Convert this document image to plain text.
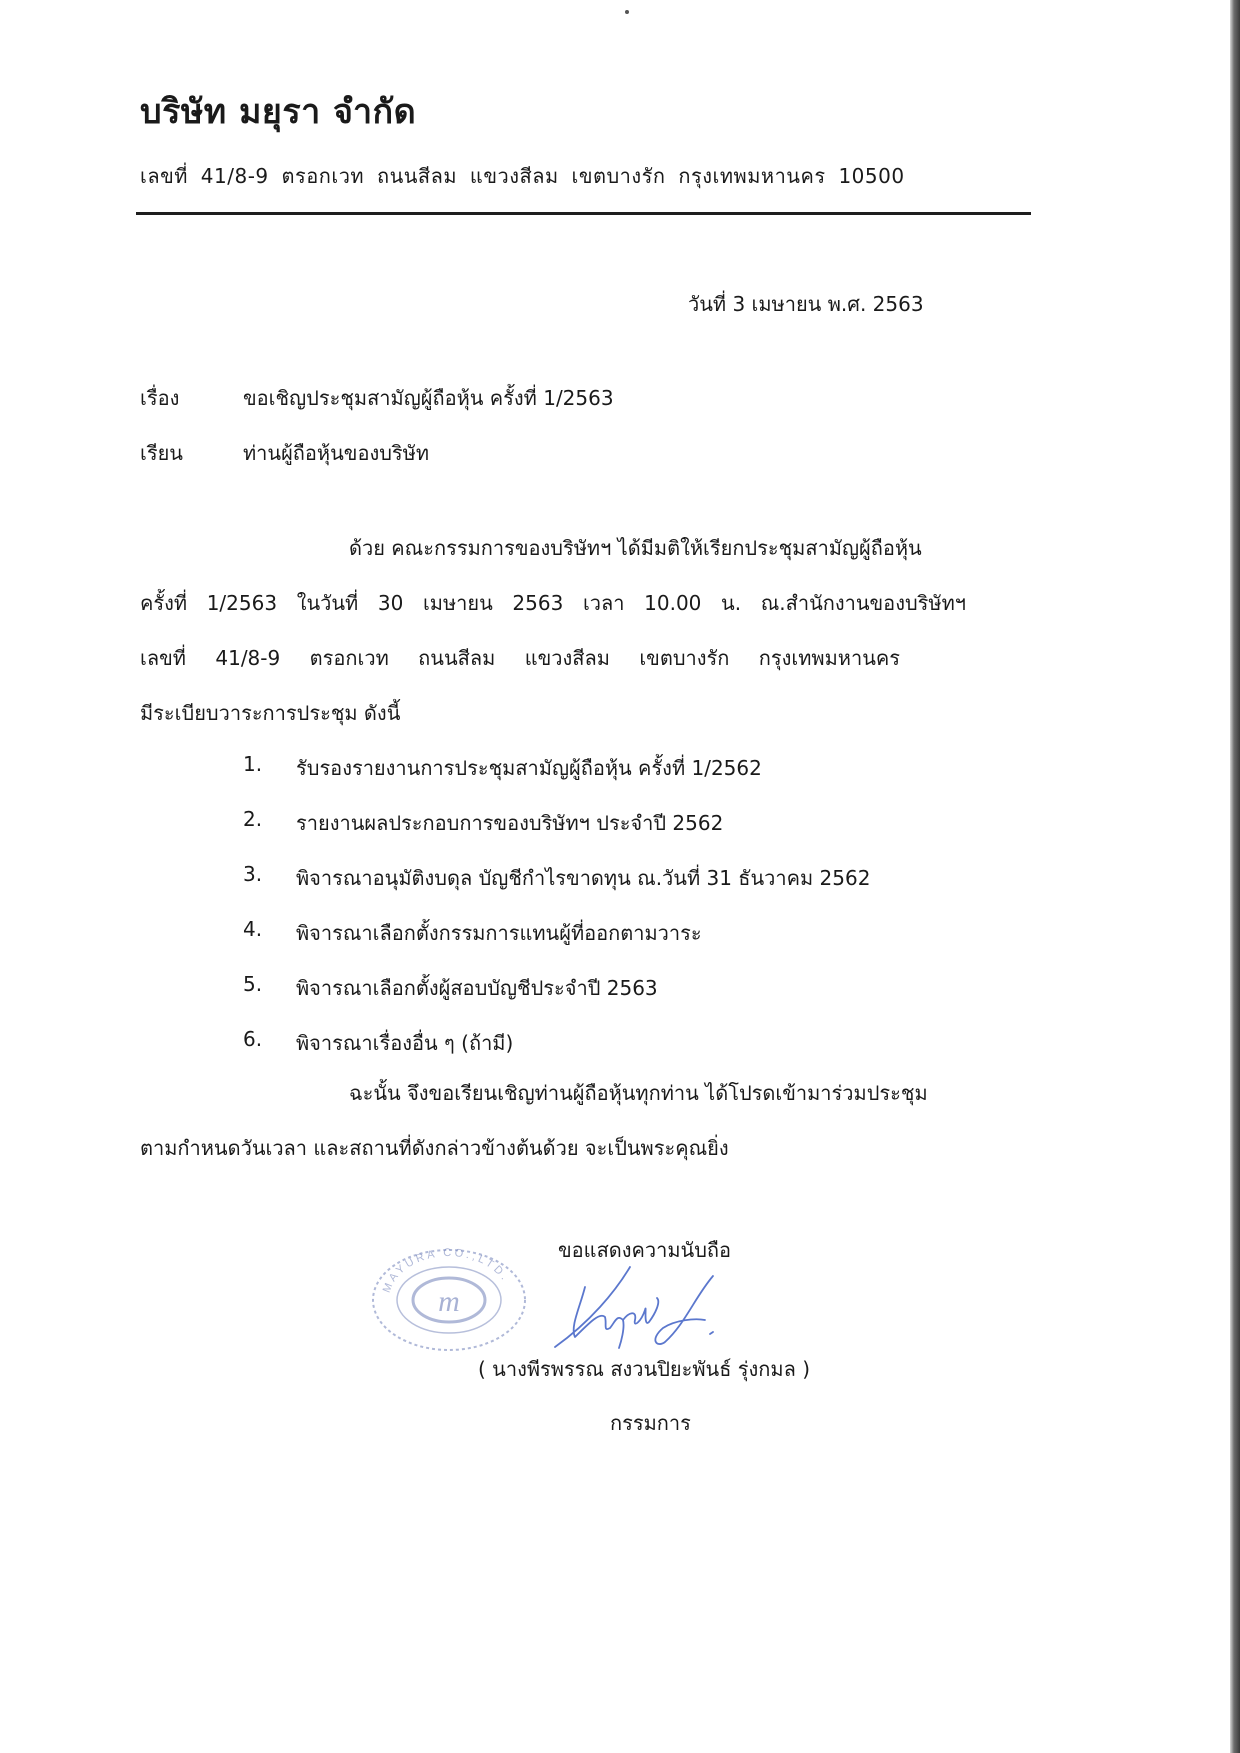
บริษัท มยุรา จำกัด
เลขที่ 41/8-9 ตรอกเวท ถนนสีลม แขวงสีลม เขตบางรัก กรุงเทพมหานคร 10500
วันที่ 3 เมษายน พ.ศ. 2563
เรื่อง	ขอเชิญประชุมสามัญผู้ถือหุ้น ครั้งที่ 1/2563
เรียน	ท่านผู้ถือหุ้นของบริษัท
ด้วย คณะกรรมการของบริษัทฯ ได้มีมติให้เรียกประชุมสามัญผู้ถือหุ้น
ครั้งที่ 1/2563 ในวันที่ 30 เมษายน 2563 เวลา 10.00 น. ณ.สำนักงานของบริษัทฯ
เลขที่ 41/8-9 ตรอกเวท ถนนสีลม แขวงสีลม เขตบางรัก กรุงเทพมหานคร
มีระเบียบวาระการประชุม ดังนี้
1. รับรองรายงานการประชุมสามัญผู้ถือหุ้น ครั้งที่ 1/2562
2. รายงานผลประกอบการของบริษัทฯ ประจำปี 2562
3. พิจารณาอนุมัติงบดุล บัญชีกำไรขาดทุน ณ.วันที่ 31 ธันวาคม 2562
4. พิจารณาเลือกตั้งกรรมการแทนผู้ที่ออกตามวาระ
5. พิจารณาเลือกตั้งผู้สอบบัญชีประจำปี 2563
6. พิจารณาเรื่องอื่น ๆ (ถ้ามี)
ฉะนั้น จึงขอเรียนเชิญท่านผู้ถือหุ้นทุกท่าน ได้โปรดเข้ามาร่วมประชุม
ตามกำหนดวันเวลา และสถานที่ดังกล่าวข้างต้นด้วย จะเป็นพระคุณยิ่ง
ขอแสดงความนับถือ
m
MAYURA CO.,LTD.
( นางพีรพรรณ สงวนปิยะพันธ์ รุ่งกมล )
กรรมการ
